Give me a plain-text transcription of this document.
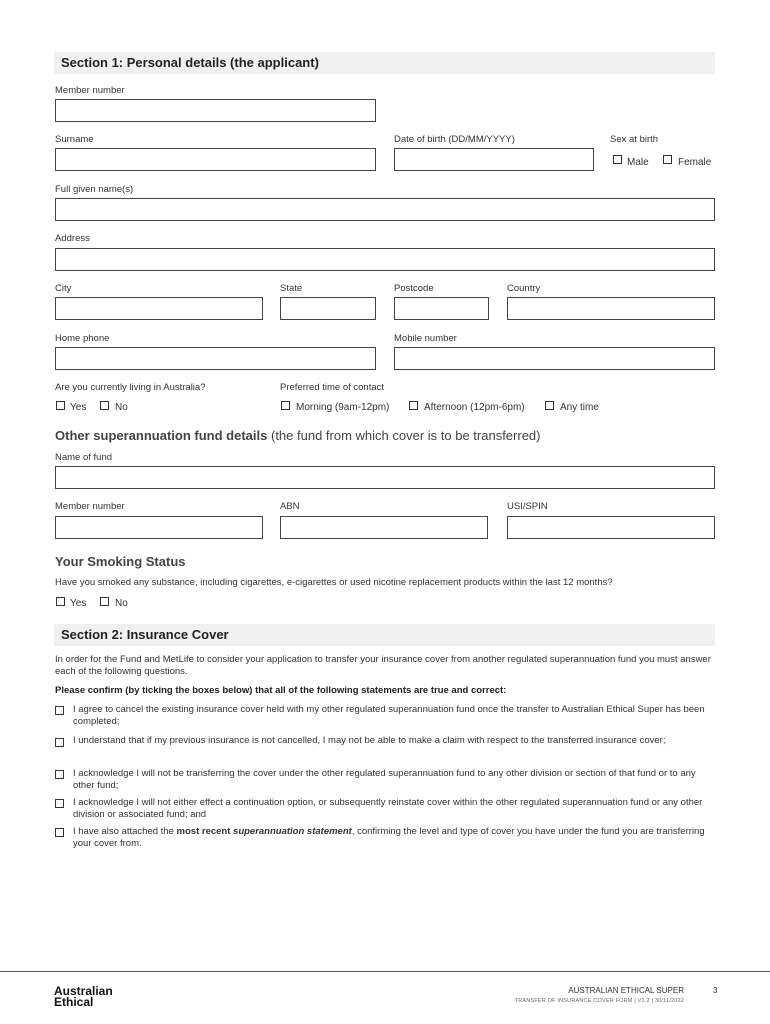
Section 1: Personal details (the applicant)
Member number
Surname	Date of birth (DD/MM/YYYY)	Sex at birth
Male	Female
Full given name(s)
Address
City	State	Postcode	Country
Home phone	Mobile number
Are you currently living in Australia?
Yes	No
Preferred time of contact
Morning (9am-12pm)	Afternoon (12pm-6pm)	Any time
Other superannuation fund details (the fund from which cover is to be transferred)
Name of fund
Member number	ABN	USI/SPIN
Your Smoking Status
Have you smoked any substance, including cigarettes, e-cigarettes or used nicotine replacement products within the last 12 months?
Yes	No
Section 2: Insurance Cover
In order for the Fund and MetLife to consider your application to transfer your insurance cover from another regulated superannuation fund you must answer each of the following questions.
Please confirm (by ticking the boxes below) that all of the following statements are true and correct:
I agree to cancel the existing insurance cover held with my other regulated superannuation fund once the transfer to Australian Ethical Super has been completed;
I understand that if my previous insurance is not cancelled, I may not be able to make a claim with respect to the transferred insurance cover;
I acknowledge I will not be transferring the cover under the other regulated superannuation fund to any other division or section of that fund or to any other fund;
I acknowledge I will not either effect a continuation option, or subsequently reinstate cover within the other regulated superannuation fund or any other division or associated fund; and
I have also attached the most recent superannuation statement, confirming the level and type of cover you have under the fund you are transferring your cover from.
Australian
Ethical
AUSTRALIAN ETHICAL SUPER
TRANSFER OF INSURANCE COVER FORM | V1.2 | 30/11/2022
3
